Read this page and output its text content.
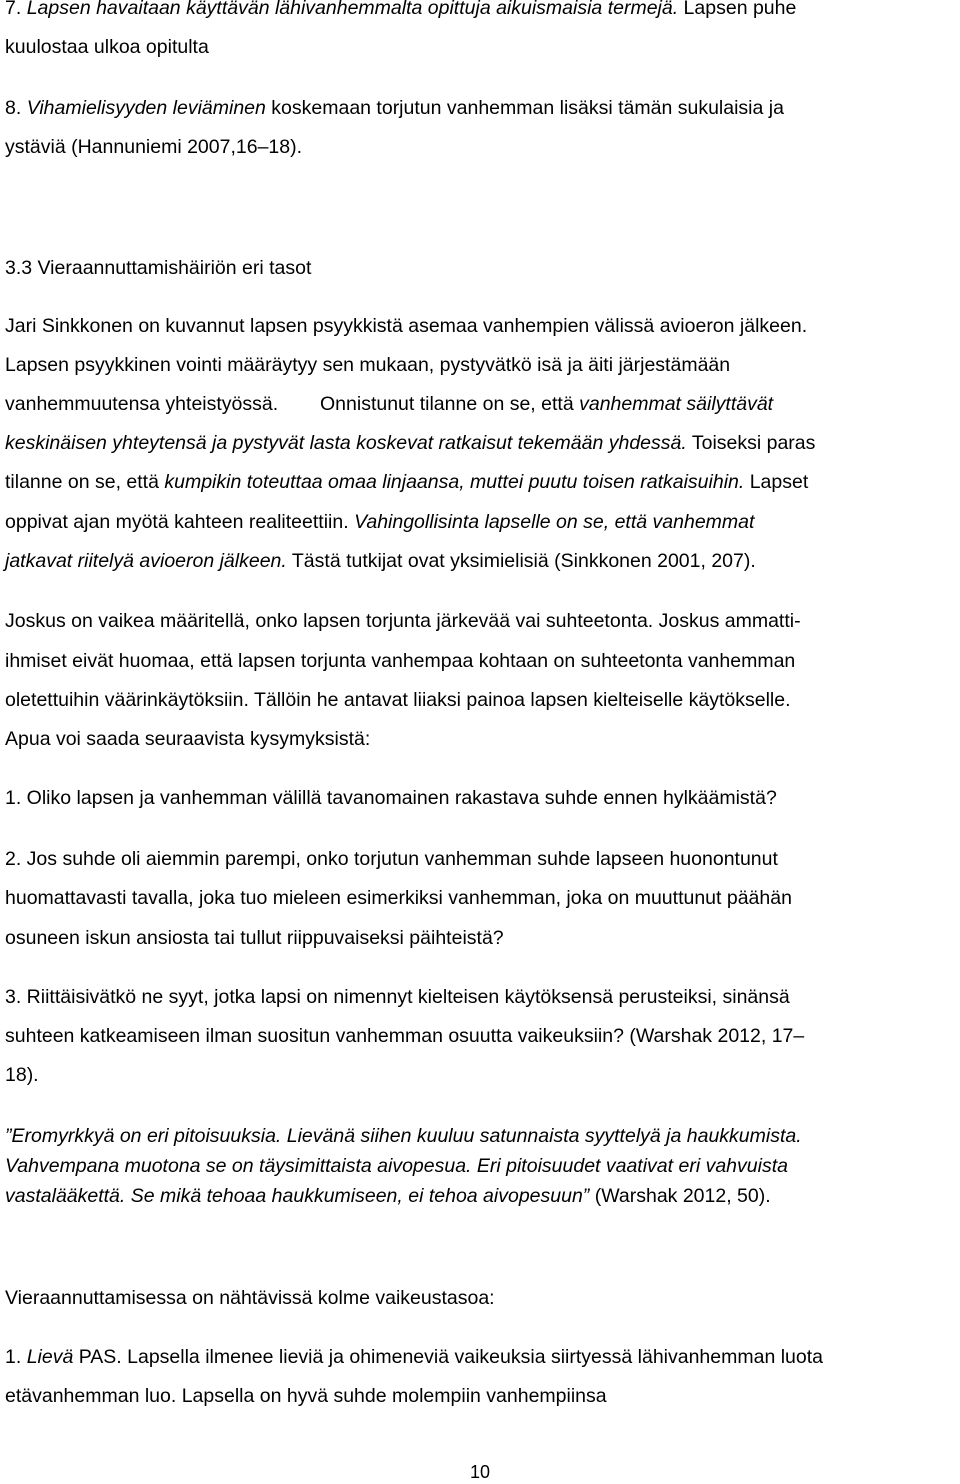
7. Lapsen havaitaan käyttävän lähivanhemmalta opittuja aikuismaisia termejä. Lapsen puhe
kuulostaa ulkoa opitulta
8. Vihamielisyyden leviäminen koskemaan torjutun vanhemman lisäksi tämän sukulaisia ja
ystäviä (Hannuniemi 2007,16‒18).
3.3 Vieraannuttamishäiriön eri tasot
Jari Sinkkonen on kuvannut lapsen psyykkistä asemaa vanhempien välissä avioeron jälkeen.
Lapsen psyykkinen vointi määräytyy sen mukaan, pystyvätkö isä ja äiti järjestämään
vanhemmuutensa yhteistyössä. Onnistunut tilanne on se, että vanhemmat säilyttävät
keskinäisen yhteytensä ja pystyvät lasta koskevat ratkaisut tekemään yhdessä. Toiseksi paras
tilanne on se, että kumpikin toteuttaa omaa linjaansa, muttei puutu toisen ratkaisuihin. Lapset
oppivat ajan myötä kahteen realiteettiin. Vahingollisinta lapselle on se, että vanhemmat
jatkavat riitelyä avioeron jälkeen. Tästä tutkijat ovat yksimielisiä (Sinkkonen 2001, 207).
Joskus on vaikea määritellä, onko lapsen torjunta järkevää vai suhteetonta. Joskus ammatti-
ihmiset eivät huomaa, että lapsen torjunta vanhempaa kohtaan on suhteetonta vanhemman
oletettuihin väärinkäytöksiin. Tällöin he antavat liiaksi painoa lapsen kielteiselle käytökselle.
Apua voi saada seuraavista kysymyksistä:
1. Oliko lapsen ja vanhemman välillä tavanomainen rakastava suhde ennen hylkäämistä?
2. Jos suhde oli aiemmin parempi, onko torjutun vanhemman suhde lapseen huonontunut
huomattavasti tavalla, joka tuo mieleen esimerkiksi vanhemman, joka on muuttunut päähän
osuneen iskun ansiosta tai tullut riippuvaiseksi päihteistä?
3. Riittäisivätkö ne syyt, jotka lapsi on nimennyt kielteisen käytöksensä perusteiksi, sinänsä
suhteen katkeamiseen ilman suositun vanhemman osuutta vaikeuksiin? (Warshak 2012, 17‒
18).
”Eromyrkkyä on eri pitoisuuksia. Lievänä siihen kuuluu satunnaista syyttelyä ja haukkumista.
Vahvempana muotona se on täysimittaista aivopesua. Eri pitoisuudet vaativat eri vahvuista
vastalääkettä. Se mikä tehoaa haukkumiseen, ei tehoa aivopesuun” (Warshak 2012, 50).
Vieraannuttamisessa on nähtävissä kolme vaikeustasoa:
1. Lievä PAS. Lapsella ilmenee lieviä ja ohimeneviä vaikeuksia siirtyessä lähivanhemman luota
etävanhemman luo. Lapsella on hyvä suhde molempiin vanhempiinsa
10
